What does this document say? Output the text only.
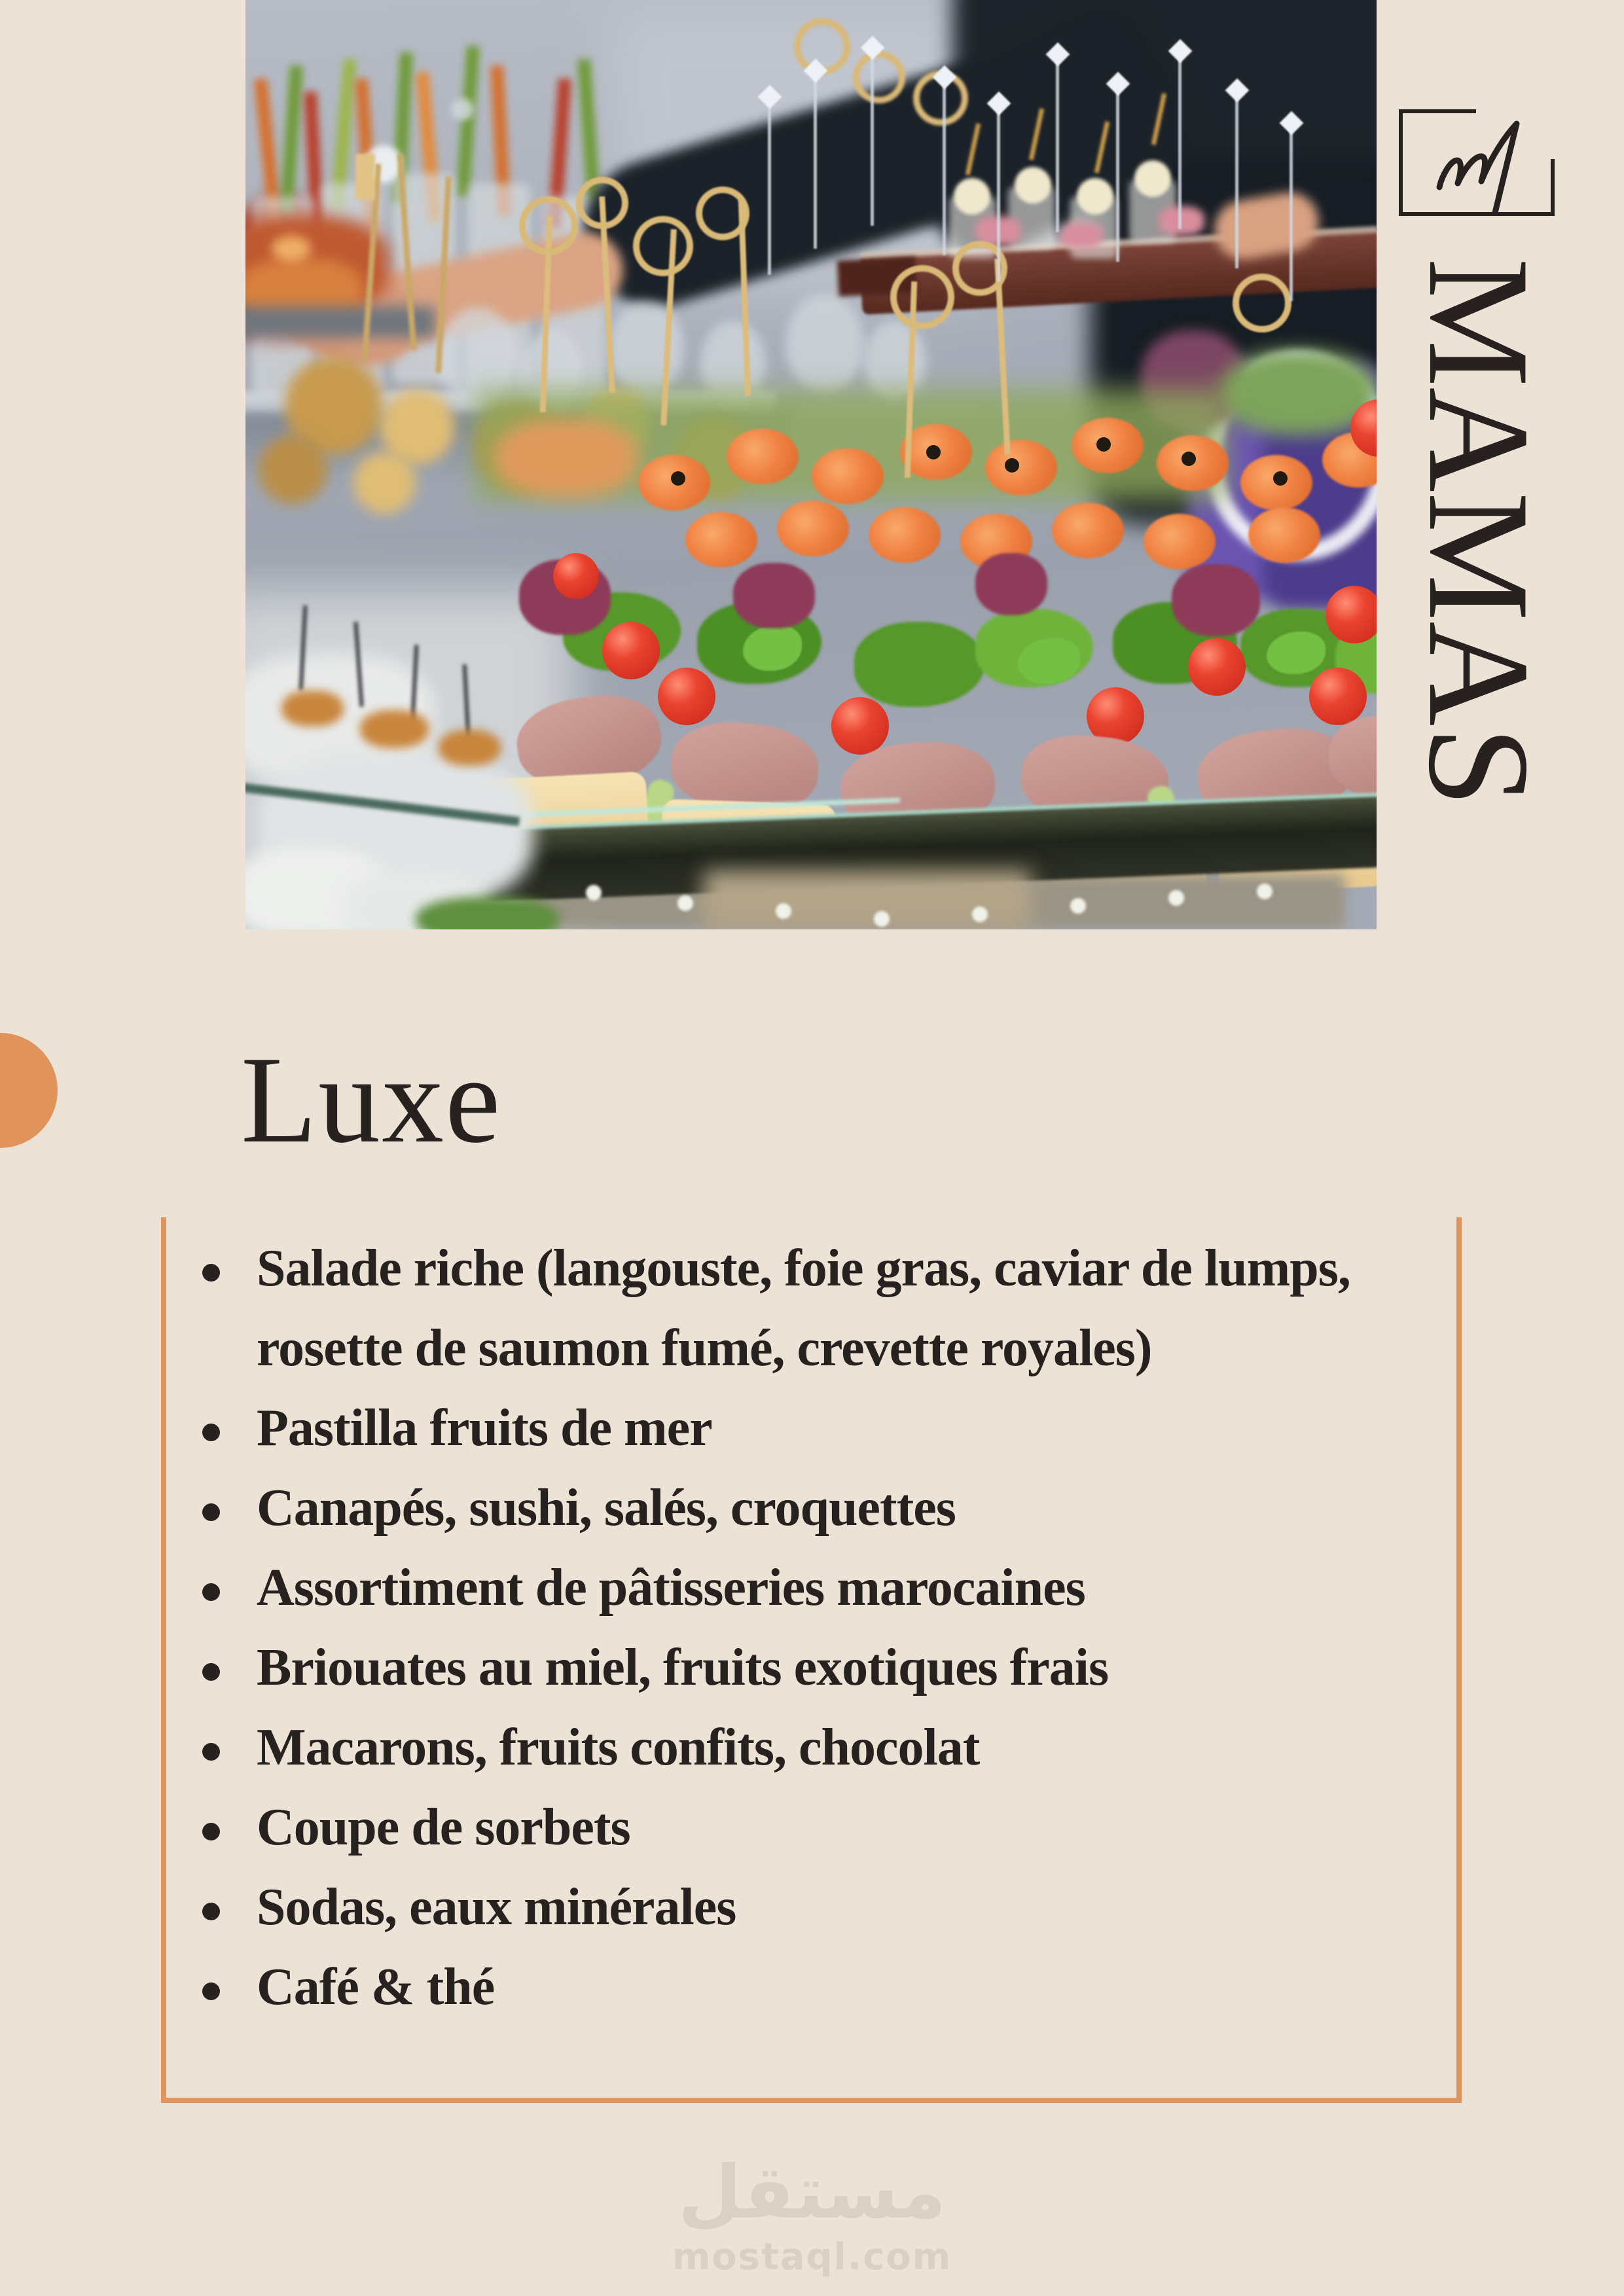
MAMAS
Luxe
Salade riche (langouste, foie gras, caviar de lumps,
rosette de saumon fumé, crevette royales)
Pastilla fruits de mer
Canapés, sushi, salés, croquettes
Assortiment de pâtisseries marocaines
Briouates au miel, fruits exotiques frais
Macarons, fruits confits, chocolat
Coupe de sorbets
Sodas, eaux minérales
Café & thé
مستقل
mostaql.com
